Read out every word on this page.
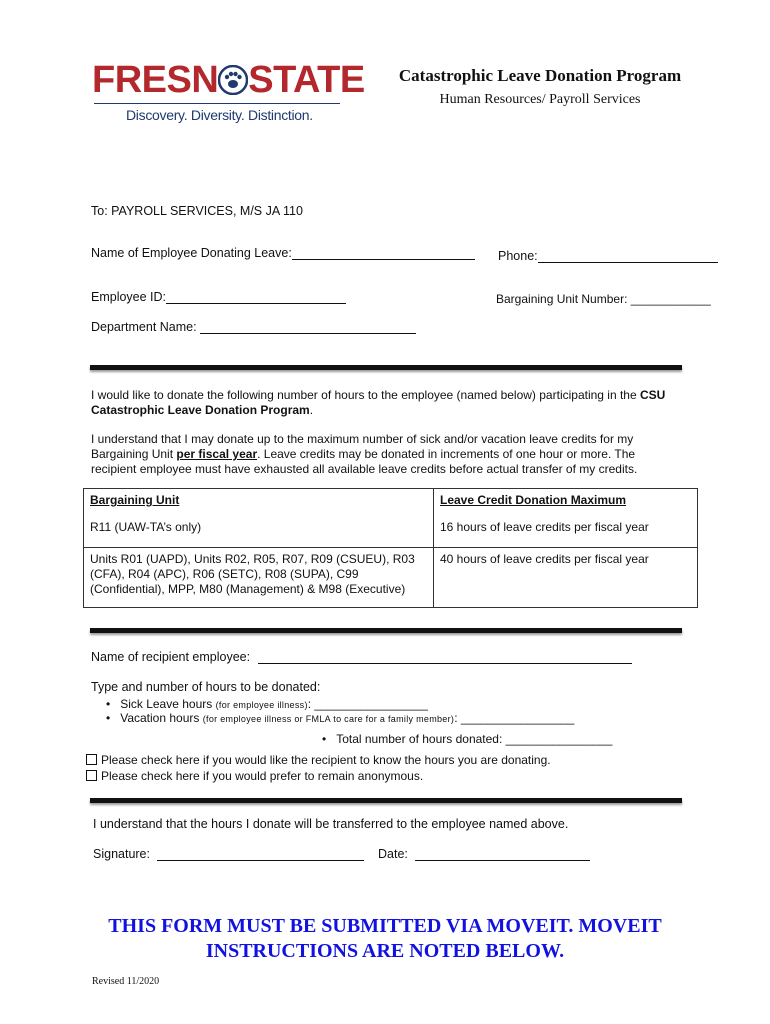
FRESN STATE
Discovery. Diversity. Distinction.
Catastrophic Leave Donation Program
Human Resources/ Payroll Services
To: PAYROLL SERVICES, M/S JA 110
Name of Employee Donating Leave:	Phone:
Employee ID:	Bargaining Unit Number: ____________
Department Name:
I would like to donate the following number of hours to the employee (named below) participating in the CSU Catastrophic Leave Donation Program.
I understand that I may donate up to the maximum number of sick and/or vacation leave credits for my Bargaining Unit per fiscal year. Leave credits may be donated in increments of one hour or more. The recipient employee must have exhausted all available leave credits before actual transfer of my credits.
Bargaining Unit	Leave Credit Donation Maximum
R11 (UAW-TA’s only)	16 hours of leave credits per fiscal year
Units R01 (UAPD), Units R02, R05, R07, R09 (CSUEU), R03 (CFA), R04 (APC), R06 (SETC), R08 (SUPA), C99 (Confidential), MPP, M80 (Management) & M98 (Executive)	40 hours of leave credits per fiscal year
Name of recipient employee:
Type and number of hours to be donated:
•   Sick Leave hours (for employee illness): _________________
•   Vacation hours (for employee illness or FMLA to care for a family member): _________________
•   Total number of hours donated: ________________
Please check here if you would like the recipient to know the hours you are donating.
Please check here if you would prefer to remain anonymous.
I understand that the hours I donate will be transferred to the employee named above.
Signature:	Date:
THIS FORM MUST BE SUBMITTED VIA MOVEIT. MOVEIT
INSTRUCTIONS ARE NOTED BELOW.
Revised 11/2020
